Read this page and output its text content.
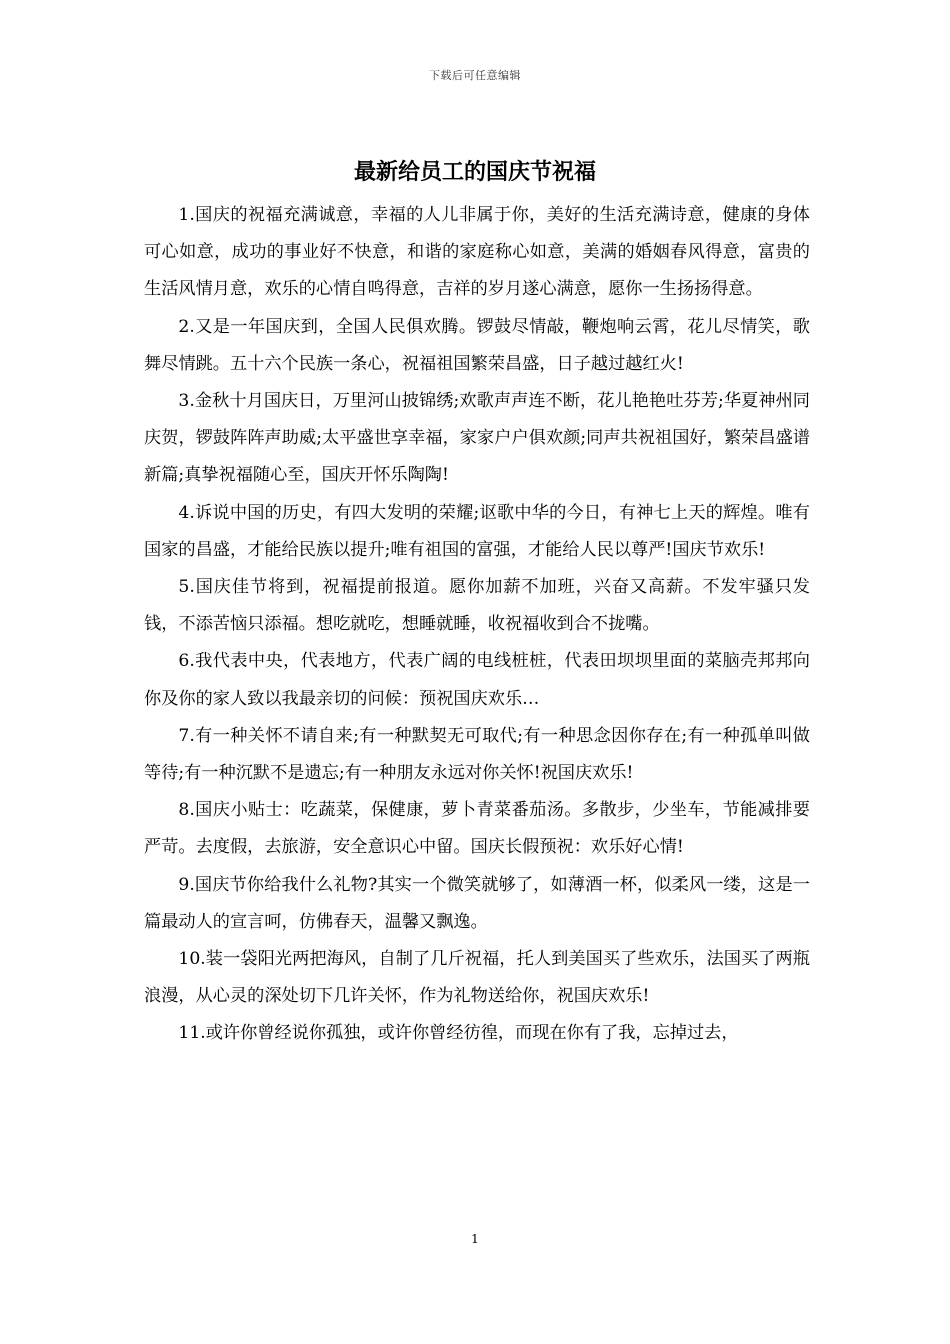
下载后可任意编辑
最新给员工的国庆节祝福

1.国庆的祝福充满诚意，幸福的人儿非属于你，美好的生活充满诗意，健康的身体可心如意，成功的事业好不快意，和谐的家庭称心如意，美满的婚姻春风得意，富贵的生活风情月意，欢乐的心情自鸣得意，吉祥的岁月遂心满意，愿你一生扬扬得意。

2.又是一年国庆到，全国人民俱欢腾。锣鼓尽情敲，鞭炮响云霄，花儿尽情笑，歌舞尽情跳。五十六个民族一条心，祝福祖国繁荣昌盛，日子越过越红火!

3.金秋十月国庆日，万里河山披锦绣;欢歌声声连不断，花儿艳艳吐芬芳;华夏神州同庆贺，锣鼓阵阵声助威;太平盛世享幸福，家家户户俱欢颜;同声共祝祖国好，繁荣昌盛谱新篇;真挚祝福随心至，国庆开怀乐陶陶!

4.诉说中国的历史，有四大发明的荣耀;讴歌中华的今日，有神七上天的辉煌。唯有国家的昌盛，才能给民族以提升;唯有祖国的富强，才能给人民以尊严!国庆节欢乐!

5.国庆佳节将到，祝福提前报道。愿你加薪不加班，兴奋又高薪。不发牢骚只发钱，不添苦恼只添福。想吃就吃，想睡就睡，收祝福收到合不拢嘴。

6.我代表中央，代表地方，代表广阔的电线桩桩，代表田坝坝里面的菜脑壳邦邦向你及你的家人致以我最亲切的问候：预祝国庆欢乐…

7.有一种关怀不请自来;有一种默契无可取代;有一种思念因你存在;有一种孤单叫做等待;有一种沉默不是遗忘;有一种朋友永远对你关怀!祝国庆欢乐!

8.国庆小贴士：吃蔬菜，保健康，萝卜青菜番茄汤。多散步，少坐车，节能减排要严苛。去度假，去旅游，安全意识心中留。国庆长假预祝：欢乐好心情!

9.国庆节你给我什么礼物?其实一个微笑就够了，如薄酒一杯，似柔风一缕，这是一篇最动人的宣言呵，仿佛春天，温馨又飘逸。

10.装一袋阳光两把海风，自制了几斤祝福，托人到美国买了些欢乐，法国买了两瓶浪漫，从心灵的深处切下几许关怀，作为礼物送给你，祝国庆欢乐!

11.或许你曾经说你孤独，或许你曾经彷徨，而现在你有了我，忘掉过去，

1
